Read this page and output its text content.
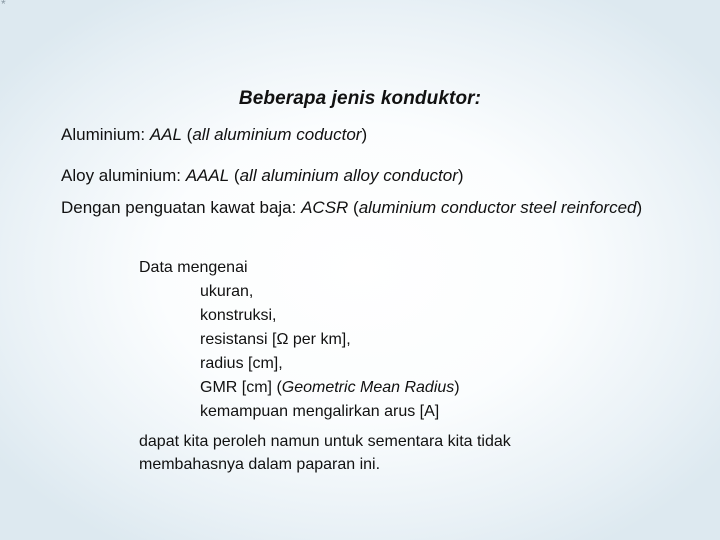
*
Beberapa jenis konduktor:
Aluminium: AAL (all aluminium coductor)
Aloy aluminium: AAAL (all aluminium alloy conductor)
Dengan penguatan kawat baja: ACSR (aluminium conductor steel reinforced)
Data mengenai
ukuran,
konstruksi,
resistansi [Ω per km],
radius [cm],
GMR [cm] (Geometric Mean Radius)
kemampuan mengalirkan arus [A]
dapat kita peroleh namun untuk sementara kita tidak membahasnya dalam paparan ini.
